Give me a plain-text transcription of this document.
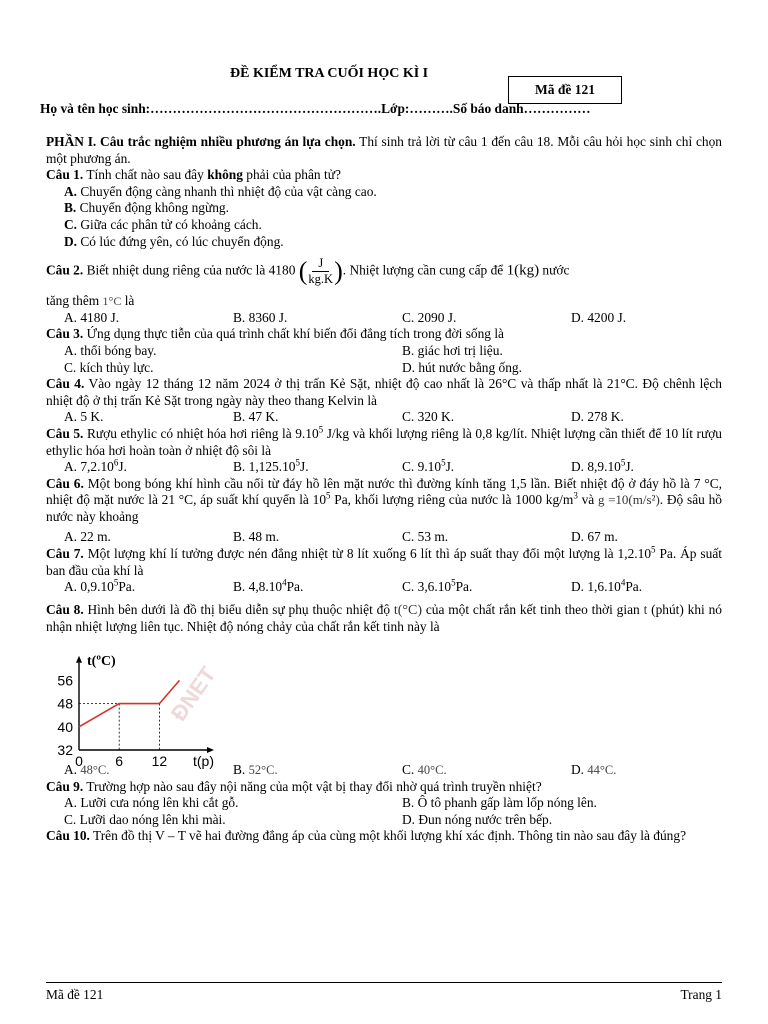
ĐỀ KIỂM TRA CUỐI HỌC KÌ I
Mã đề 121
Họ và tên học sinh:…………………………………………….Lớp:……….Số báo danh……………

PHẦN I. Câu trắc nghiệm nhiều phương án lựa chọn. Thí sinh trả lời từ câu 1 đến câu 18. Mỗi câu hỏi học sinh chỉ chọn một phương án.

Câu 1. Tính chất nào sau đây không phải của phân tử?

A. Chuyển động càng nhanh thì nhiệt độ của vật càng cao.

B. Chuyển động không ngừng.

C. Giữa các phân tử có khoảng cách.

D. Có lúc đứng yên, có lúc chuyển động.

Câu 2. Biết nhiệt dung riêng của nước là 4180 ( $\frac{J}{kg.K}$ ). Nhiệt lượng cần cung cấp để 1(kg) nước

tăng thêm 1°C là

A. 4180 J.	B. 8360 J.	C. 2090 J.	D. 4200 J.

Câu 3. Ứng dụng thực tiễn của quá trình chất khí biến đổi đẳng tích trong đời sống là

A. thổi bóng bay.	B. giác hơi trị liệu.
C. kích thủy lực.	D. hút nước bằng ống.

Câu 4. Vào ngày 12 tháng 12 năm 2024 ở thị trấn Kẻ Sặt, nhiệt độ cao nhất là 26°C và thấp nhất là 21°C. Độ chênh lệch nhiệt độ ở thị trấn Kẻ Sặt trong ngày này theo thang Kelvin là

A. 5 K.	B. 47 K.	C. 320 K.	D. 278 K.

Câu 5. Rượu ethylic có nhiệt hóa hơi riêng là 9.10$^5$ J/kg và khối lượng riêng là 0,8 kg/lít. Nhiệt lượng cần thiết để 10 lít rượu ethylic hóa hơi hoàn toàn ở nhiệt độ sôi là

A. 7,2.10$^6$J.	B. 1,125.10$^5$J.	C. 9.10$^5$J.	D. 8,9.10$^5$J.

Câu 6. Một bong bóng khí hình cầu nổi từ đáy hồ lên mặt nước thì đường kính tăng 1,5 lần. Biết nhiệt độ ở đáy hồ là 7 °C, nhiệt độ mặt nước là 21 °C, áp suất khí quyển là $10^5$ Pa, khối lượng riêng của nước là 1000 $kg/m^3$ và g =10(m/s²). Độ sâu hồ nước này khoảng

A. 22 m.	B. 48 m.	C. 53 m.	D. 67 m.

Câu 7. Một lượng khí lí tưởng được nén đẳng nhiệt từ 8 lít xuống 6 lít thì áp suất thay đổi một lượng là 1,2.10$^5$ Pa. Áp suất ban đầu của khí là

A. 0,9.10$^5$Pa.	B. 4,8.10$^4$Pa.	C. 3,6.10$^5$Pa.	D. 1,6.10$^4$Pa.

Câu 8. Hình bên dưới là đồ thị biểu diễn sự phụ thuộc nhiệt độ t(°C) của một chất rắn kết tinh theo thời gian t (phút) khi nó nhận nhiệt lượng liên tục. Nhiệt độ nóng chảy của chất rắn kết tinh này là

32
40
48
56
0 6 12
t(ºC)
t(p)
ĐNET
A. 48°C.	B. 52°C.	C. 40°C.	D. 44°C.

Câu 9. Trường hợp nào sau đây nội năng của một vật bị thay đổi nhờ quá trình truyền nhiệt?

A. Lưỡi cưa nóng lên khi cắt gỗ.	B. Ô tô phanh gấp làm lốp nóng lên.
C. Lưỡi dao nóng lên khi mài.	D. Đun nóng nước trên bếp.

Câu 10. Trên đồ thị V – T vẽ hai đường đẳng áp của cùng một khối lượng khí xác định. Thông tin nào sau đây là đúng?

Mã đề 121	Trang 1
